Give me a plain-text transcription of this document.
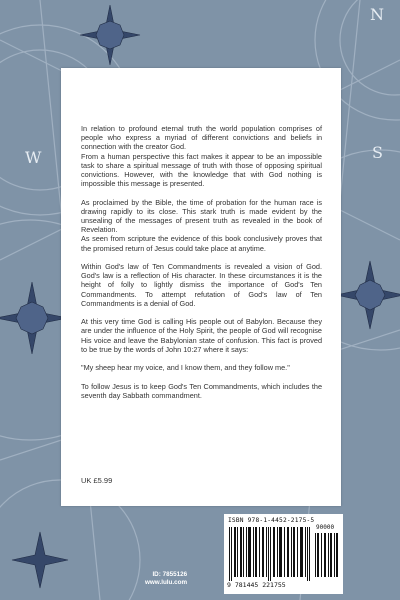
W
N
S

In relation to profound eternal truth the world population comprises of people who express a myriad of different convictions and beliefs in connection with the creator God.

From a human perspective this fact makes it appear to be an impossible task to share a spiritual message of truth with those of opposing spiritual convictions. However, with the knowledge that with God nothing is impossible this message is presented.

As proclaimed by the Bible, the time of probation for the human race is drawing rapidly to its close. This stark truth is made evident by the unsealing of the messages of present truth as revealed in the book of Revelation.

As seen from scripture the evidence of this book conclusively proves that the promised return of Jesus could take place at anytime.

Within God's law of Ten Commandments is revealed a vision of God. God's law is a reflection of His character. In these circumstances it is the height of folly to lightly dismiss the importance of God's Ten Commandments. To attempt refutation of God's law of Ten Commandments is a denial of God.

At this very time God is calling His people out of Babylon. Because they are under the influence of the Holy Spirit, the people of God will recognise His voice and leave the Babylonian state of confusion. This fact is proved to be true by the words of John 10:27 where it says:

"My sheep hear my voice, and I know them, and they follow me."

To follow Jesus is to keep God's Ten Commandments, which includes the seventh day Sabbath commandment.

UK £5.99
ISBN 978-1-4452-2175-5
90000
9 781445 221755
ID: 7855126
www.lulu.com
